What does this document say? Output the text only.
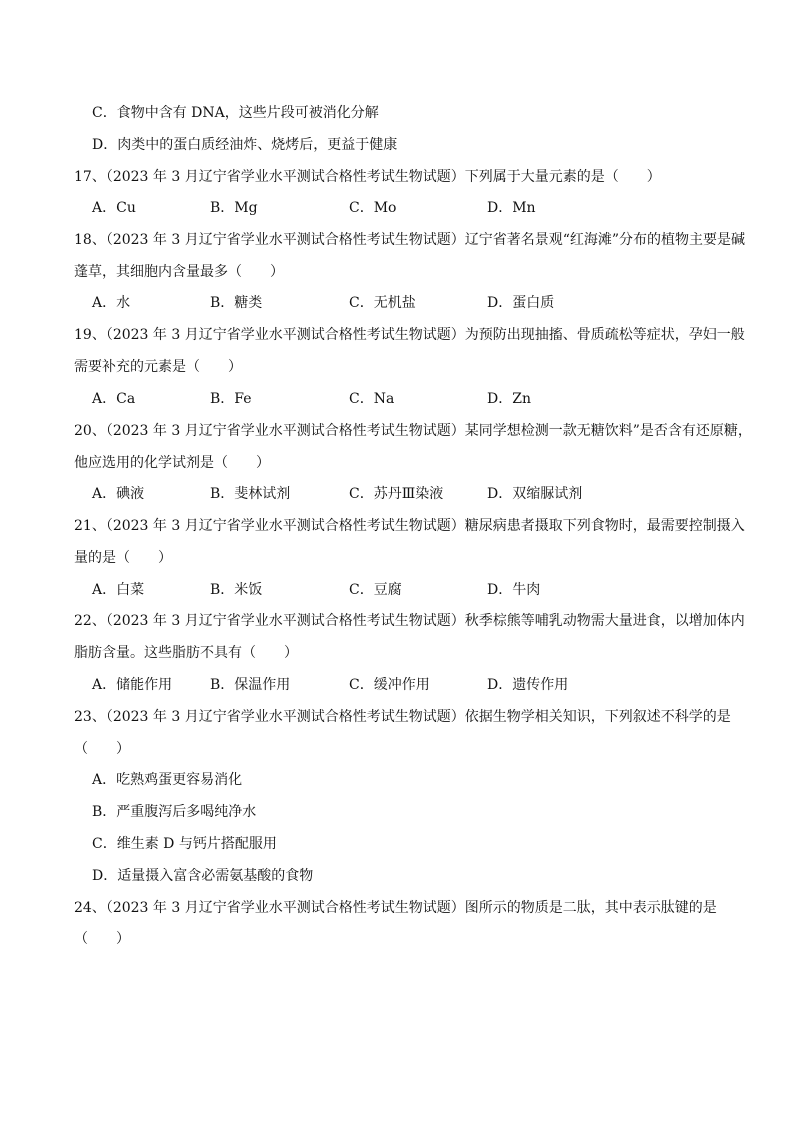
C．食物中含有 DNA，这些片段可被消化分解
D．肉类中的蛋白质经油炸、烧烤后，更益于健康
17、（2023 年 3 月辽宁省学业水平测试合格性考试生物试题）下列属于大量元素的是（　　）
A．Cu	B．Mg	C．Mo	D．Mn
18、（2023 年 3 月辽宁省学业水平测试合格性考试生物试题）辽宁省著名景观“红海滩”分布的植物主要是碱
蓬草，其细胞内含量最多（　　）
A．水	B．糖类	C．无机盐	D．蛋白质
19、（2023 年 3 月辽宁省学业水平测试合格性考试生物试题）为预防出现抽搐、骨质疏松等症状，孕妇一般
需要补充的元素是（　　）
A．Ca	B．Fe	C．Na	D．Zn
20、（2023 年 3 月辽宁省学业水平测试合格性考试生物试题）某同学想检测一款无糖饮料”是否含有还原糖，
他应选用的化学试剂是（　　）
A．碘液	B．斐林试剂	C．苏丹Ⅲ染液	D．双缩脲试剂
21、（2023 年 3 月辽宁省学业水平测试合格性考试生物试题）糖尿病患者摄取下列食物时，最需要控制摄入
量的是（　　）
A．白菜	B．米饭	C．豆腐	D．牛肉
22、（2023 年 3 月辽宁省学业水平测试合格性考试生物试题）秋季棕熊等哺乳动物需大量进食，以增加体内
脂肪含量。这些脂肪不具有（　　）
A．储能作用	B．保温作用	C．缓冲作用	D．遗传作用
23、（2023 年 3 月辽宁省学业水平测试合格性考试生物试题）依据生物学相关知识，下列叙述不科学的是
（　　）
A．吃熟鸡蛋更容易消化
B．严重腹泻后多喝纯净水
C．维生素 D 与钙片搭配服用
D．适量摄入富含必需氨基酸的食物
24、（2023 年 3 月辽宁省学业水平测试合格性考试生物试题）图所示的物质是二肽，其中表示肽键的是
（　　）
